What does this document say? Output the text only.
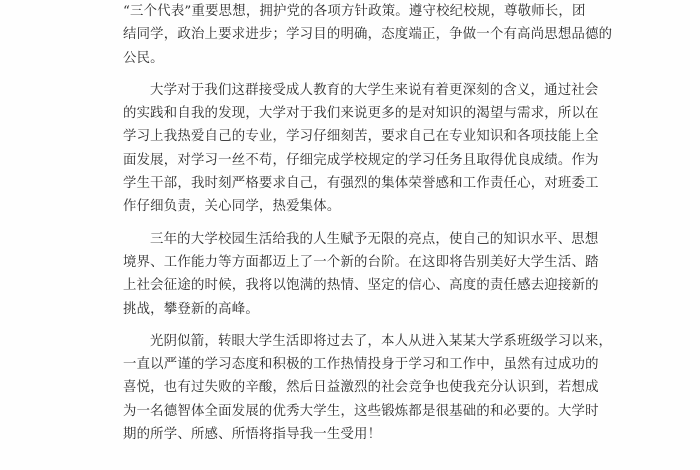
“三个代表”重要思想，拥护党的各项方针政策。遵守校纪校规，尊敬师长，团
结同学，政治上要求进步；学习目的明确，态度端正，争做一个有高尚思想品德的
公民。
大学对于我们这群接受成人教育的大学生来说有着更深刻的含义，通过社会
的实践和自我的发现，大学对于我们来说更多的是对知识的渴望与需求，所以在
学习上我热爱自己的专业，学习仔细刻苦，要求自己在专业知识和各项技能上全
面发展，对学习一丝不苟，仔细完成学校规定的学习任务且取得优良成绩。作为
学生干部，我时刻严格要求自己，有强烈的集体荣誉感和工作责任心，对班委工
作仔细负责，关心同学，热爱集体。
三年的大学校园生活给我的人生赋予无限的亮点，使自己的知识水平、思想
境界、工作能力等方面都迈上了一个新的台阶。在这即将告别美好大学生活、踏
上社会征途的时候，我将以饱满的热情、坚定的信心、高度的责任感去迎接新的
挑战，攀登新的高峰。
光阴似箭，转眼大学生活即将过去了，本人从进入某某大学系班级学习以来，
一直以严谨的学习态度和积极的工作热情投身于学习和工作中，虽然有过成功的
喜悦，也有过失败的辛酸，然后日益激烈的社会竞争也使我充分认识到，若想成
为一名德智体全面发展的优秀大学生，这些锻炼都是很基础的和必要的。大学时
期的所学、所感、所悟将指导我一生受用！
